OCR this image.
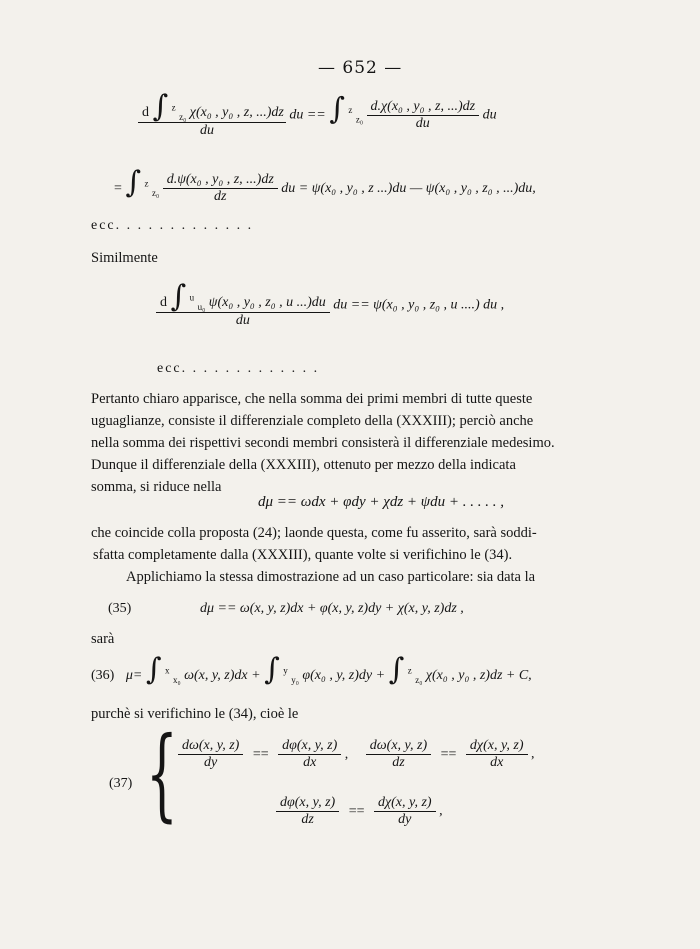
— 652 —
d ∫ $^z$ $_{z_0}$ χ(x₀ , y₀ , z, ...)dz
du
du == ∫ $^z$ $_{z_0} \frac{\text{d.χ(x₀ , y₀ , z, ...)dz}}{du}$ du
= ∫ $^z$ $_{z_0} \frac{\text{d.ψ(x₀ , y₀ , z, ...)dz}}{dz}$ du = ψ(x₀ , y₀ , z ...)du — ψ(x₀ , y₀ , z₀ , ...)du,
ecc. . . . . . . . . . . . .
Similmente
d ∫ $^u$ $_{u_0}$ ψ(x₀ , y₀ , z₀ , u ...)du
du
du == ψ(x₀ , y₀ , z₀ , u ....) du ,
ecc. . . . . . . . . . . . .
Pertanto chiaro apparisce, che nella somma dei primi membri di tutte queste
uguaglianze, consiste il differenziale completo della (XXXIII); perciò anche
nella somma dei rispettivi secondi membri consisterà il differenziale medesimo.
Dunque il differenziale della (XXXIII), ottenuto per mezzo della indicata
somma, si riduce nella
dμ == ωdx + φdy + χdz + ψdu + . . . . . ,
che coincide colla proposta (24); laonde questa, come fu asserito, sarà soddi-
sfatta completamente dalla (XXXIII), quante volte si verifichino le (34).
Applichiamo la stessa dimostrazione ad un caso particolare: sia data la
(35)	dμ == ω(x, y, z)dx + φ(x, y, z)dy + χ(x, y, z)dz ,
sarà
(36) μ= ∫ $^x$ $_{x_0}$ ω(x, y, z)dx + ∫ $^y$ $_{y_0}$ φ(x₀ , y, z)dy + ∫ $^z$ $_{z_0}$ χ(x₀ , y₀ , z)dz + C,
purchè si verifichino le (34), cioè le
(37) { $\frac{d\omega(x, y, z)}{dy} == \frac{d\varphi(x, y, z)}{dx}$ , $\frac{d\omega(x, y, z)}{dz} == \frac{d\chi(x, y, z)}{dx}$ ,
$\frac{d\varphi(x, y, z)}{dz} == \frac{d\chi(x, y, z)}{dy}$ ,
